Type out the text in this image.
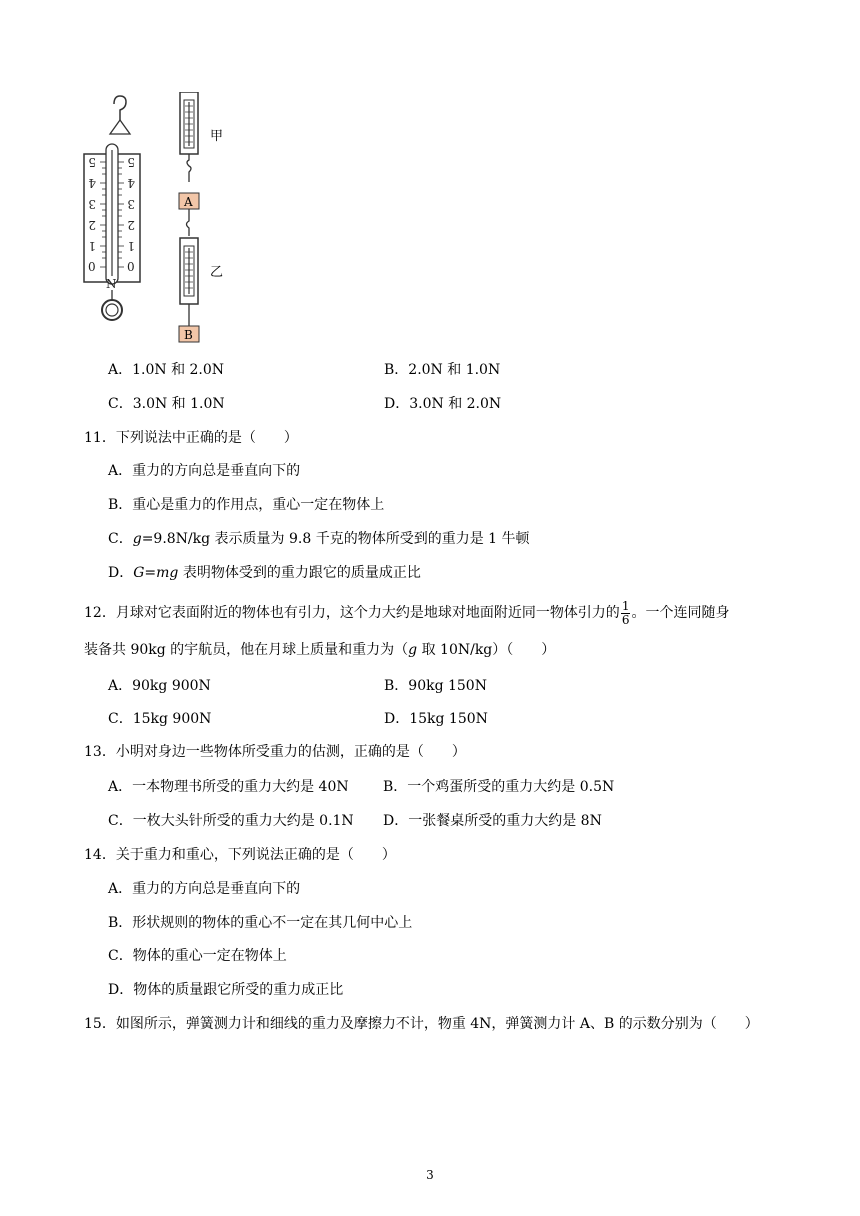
5
4
3
2
1
0
5
4
3
2
1
0
N
甲
A
乙
B
A．1.0N 和 2.0N	B．2.0N 和 1.0N
C．3.0N 和 1.0N	D．3.0N 和 2.0N
11．下列说法中正确的是（　　）
A．重力的方向总是垂直向下的
B．重心是重力的作用点，重心一定在物体上
C．g=9.8N/kg 表示质量为 9.8 千克的物体所受到的重力是 1 牛顿
D．G=mg 表明物体受到的重力跟它的质量成正比
12．月球对它表面附近的物体也有引力，这个力大约是地球对地面附近同一物体引力的 $\frac{1}{6}$ 。一个连同随身
装备共 90kg 的宇航员，他在月球上质量和重力为（g 取 10N/kg）（　　）
A．90kg 900N	B．90kg 150N
C．15kg 900N	D．15kg 150N
13．小明对身边一些物体所受重力的估测，正确的是（　　）
A．一本物理书所受的重力大约是 40N B．一个鸡蛋所受的重力大约是 0.5N
C．一枚大头针所受的重力大约是 0.1N D．一张餐桌所受的重力大约是 8N
14．关于重力和重心，下列说法正确的是（　　）
A．重力的方向总是垂直向下的
B．形状规则的物体的重心不一定在其几何中心上
C．物体的重心一定在物体上
D．物体的质量跟它所受的重力成正比
15．如图所示，弹簧测力计和细线的重力及摩擦力不计，物重 4N，弹簧测力计 A、B 的示数分别为（　　）
3
